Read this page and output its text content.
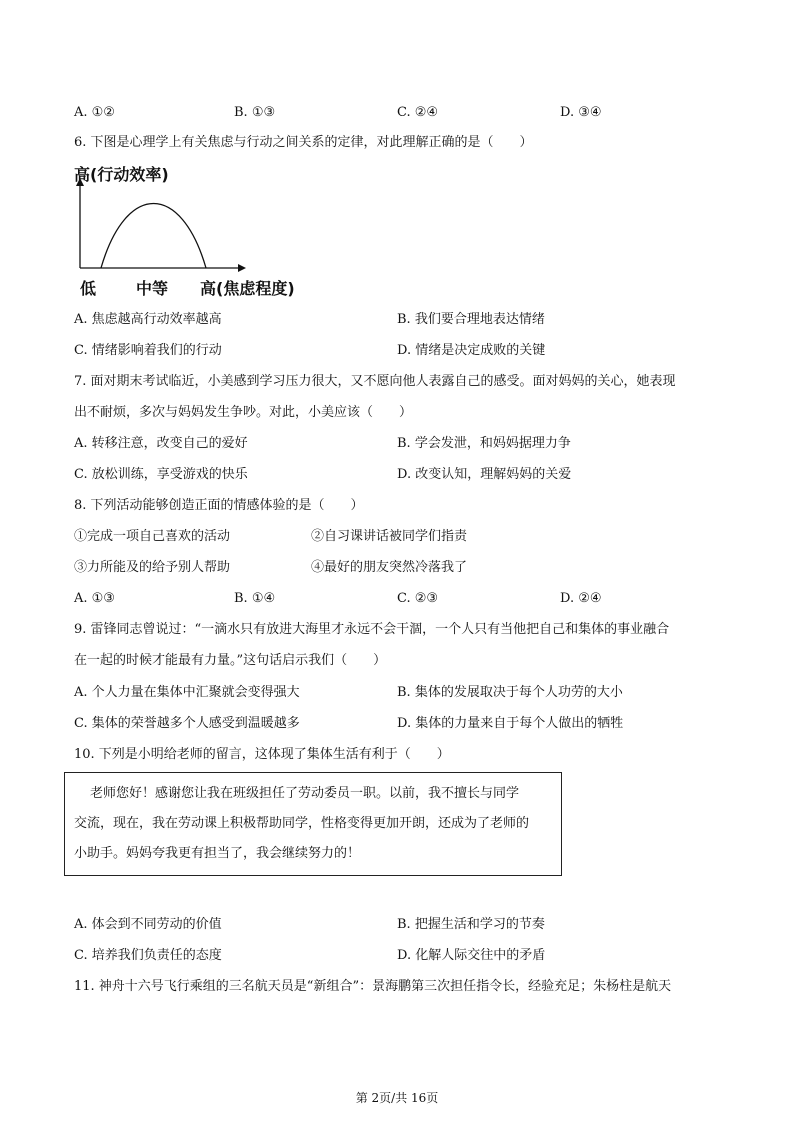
A. ①②	B. ①③	C. ②④	D. ③④
6. 下图是心理学上有关焦虑与行动之间关系的定律，对此理解正确的是（　　）
高(行动效率)
低 中等 高(焦虑程度)
A. 焦虑越高行动效率越高	B. 我们要合理地表达情绪
C. 情绪影响着我们的行动	D. 情绪是决定成败的关键
7. 面对期末考试临近，小美感到学习压力很大，又不愿向他人表露自己的感受。面对妈妈的关心，她表现
出不耐烦，多次与妈妈发生争吵。对此，小美应该（　　）
A. 转移注意，改变自己的爱好	B. 学会发泄，和妈妈据理力争
C. 放松训练，享受游戏的快乐	D. 改变认知，理解妈妈的关爱
8. 下列活动能够创造正面的情感体验的是（　　）
①完成一项自己喜欢的活动	②自习课讲话被同学们指责
③力所能及的给予别人帮助	④最好的朋友突然冷落我了
A. ①③	B. ①④	C. ②③	D. ②④
9. 雷锋同志曾说过：“一滴水只有放进大海里才永远不会干涸，一个人只有当他把自己和集体的事业融合
在一起的时候才能最有力量。”这句话启示我们（　　）
A. 个人力量在集体中汇聚就会变得强大	B. 集体的发展取决于每个人功劳的大小
C. 集体的荣誉越多个人感受到温暖越多	D. 集体的力量来自于每个人做出的牺牲
10. 下列是小明给老师的留言，这体现了集体生活有利于（　　）
老师您好！感谢您让我在班级担任了劳动委员一职。以前，我不擅长与同学
交流，现在，我在劳动课上积极帮助同学，性格变得更加开朗，还成为了老师的
小助手。妈妈夸我更有担当了，我会继续努力的！
A. 体会到不同劳动的价值	B. 把握生活和学习的节奏
C. 培养我们负责任的态度	D. 化解人际交往中的矛盾
11. 神舟十六号飞行乘组的三名航天员是“新组合”：景海鹏第三次担任指令长，经验充足；朱杨柱是航天
第 2页/共 16页
